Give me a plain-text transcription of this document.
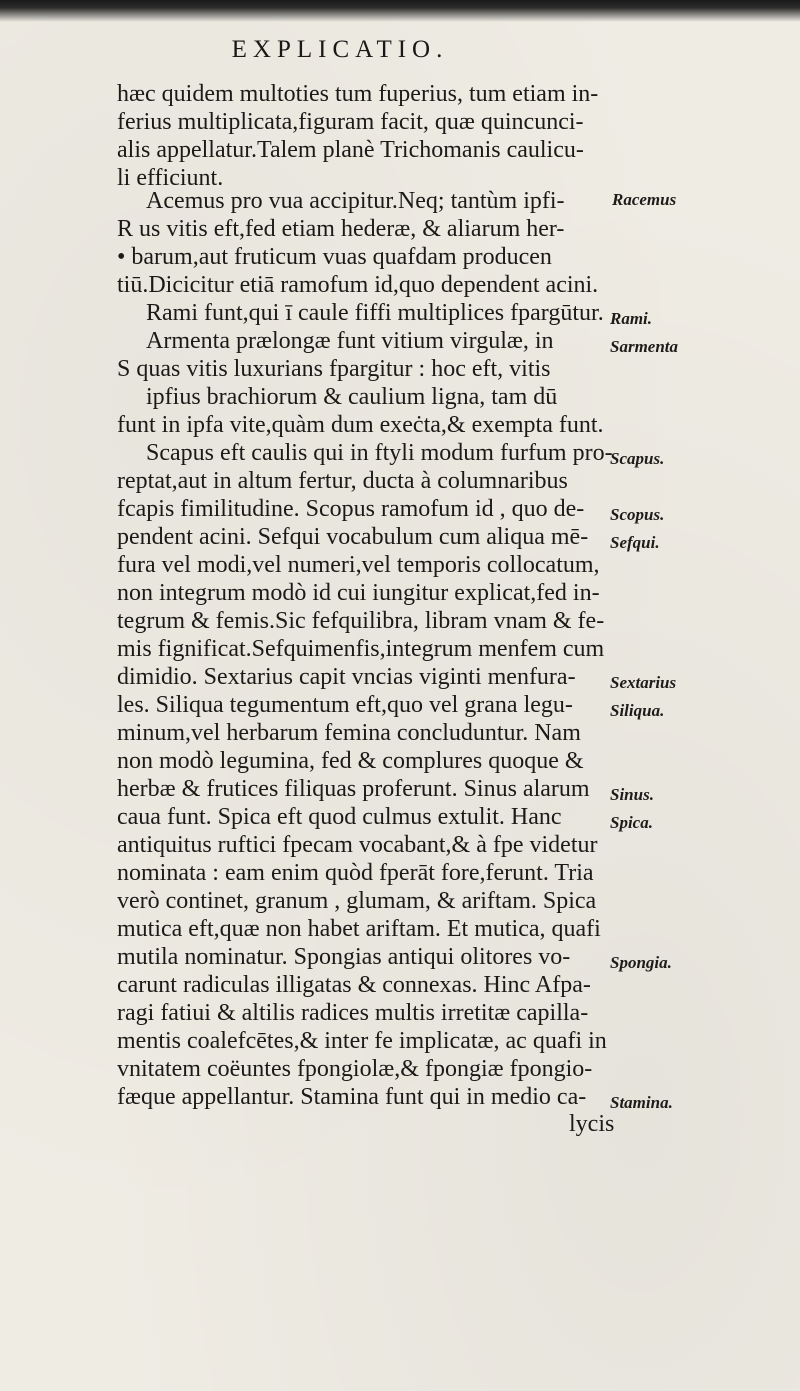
EXPLICATIO.
hæc quidem multoties tum fuperius, tum etiam in-
ferius multiplicata,figuram facit, quæ quincunci-
alis appellatur.Talem planè Trichomanis caulicu-
li efficiunt.
Acemus pro vua accipitur.Neq; tantùm ipfi-
R us vitis eft,fed etiam hederæ, & aliarum her-
• barum,aut fruticum vuas quafdam producen
tiū.Dicicitur etiā ramofum id,quo dependent acini.
Rami funt,qui ī caule fiffi multiplices fpargūtur.
Armenta prælongæ funt vitium virgulæ, in
S quas vitis luxurians fpargitur : hoc eft, vitis
ipfius brachiorum & caulium ligna, tam dū
funt in ipfa vite,quàm dum exeċta,& exempta funt.
Scapus eft caulis qui in ftyli modum furfum pro-
reptat,aut in altum fertur, ducta à columnaribus
fcapis fimilitudine. Scopus ramofum id , quo de-
pendent acini. Sefqui vocabulum cum aliqua mē-
fura vel modi,vel numeri,vel temporis collocatum,
non integrum modò id cui iungitur explicat,fed in-
tegrum & femis.Sic fefquilibra, libram vnam & fe-
mis fignificat.Sefquimenfis,integrum menfem cum
dimidio. Sextarius capit vncias viginti menfura-
les. Siliqua tegumentum eft,quo vel grana legu-
minum,vel herbarum femina concluduntur. Nam
non modò legumina, fed & complures quoque &
herbæ & frutices filiquas proferunt. Sinus alarum
caua funt. Spica eft quod culmus extulit. Hanc
antiquitus ruftici fpecam vocabant,& à fpe videtur
nominata : eam enim quòd fperāt fore,ferunt. Tria
verò continet, granum , glumam, & ariftam. Spica
mutica eft,quæ non habet ariftam. Et mutica, quafi
mutila nominatur. Spongias antiqui olitores vo-
carunt radiculas illigatas & connexas. Hinc Afpa-
ragi fatiui & altilis radices multis irretitæ capilla-
mentis coalefcētes,& inter fe implicatæ, ac quafi in
vnitatem coëuntes fpongiolæ,& fpongiæ fpongio-
fæque appellantur. Stamina funt qui in medio ca-
lycis
Racemus
Rami.
Sarmenta
Scapus.
Scopus.
Sefqui.
Sextarius
Siliqua.
Sinus.
Spica.
Spongia.
Stamina.
